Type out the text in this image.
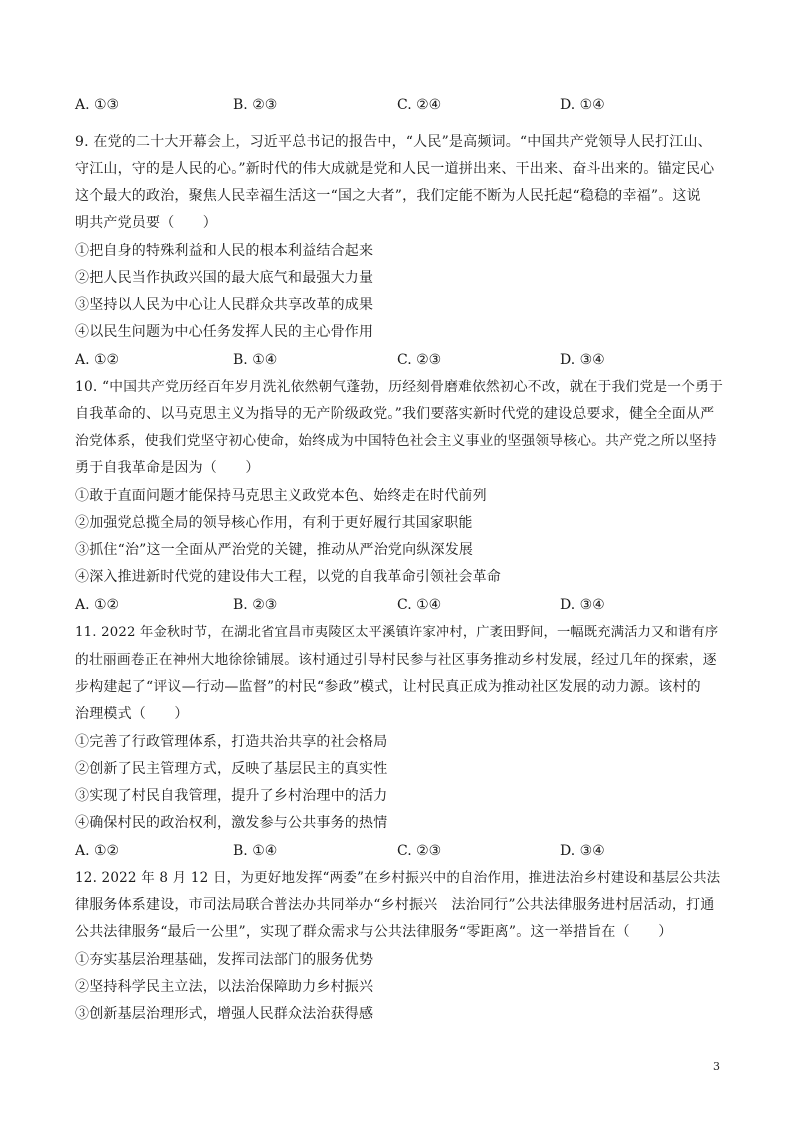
A. ①③	B. ②③	C. ②④	D. ①④
9. 在党的二十大开幕会上，习近平总书记的报告中，“人民”是高频词。“中国共产党领导人民打江山、
守江山，守的是人民的心。”新时代的伟大成就是党和人民一道拼出来、干出来、奋斗出来的。锚定民心
这个最大的政治，聚焦人民幸福生活这一“国之大者”，我们定能不断为人民托起“稳稳的幸福”。这说
明共产党员要（　　）
①把自身的特殊利益和人民的根本利益结合起来
②把人民当作执政兴国的最大底气和最强大力量
③坚持以人民为中心让人民群众共享改革的成果
④以民生问题为中心任务发挥人民的主心骨作用
A. ①②	B. ①④	C. ②③	D. ③④
10. “中国共产党历经百年岁月洗礼依然朝气蓬勃，历经刻骨磨难依然初心不改，就在于我们党是一个勇于
自我革命的、以马克思主义为指导的无产阶级政党。”我们要落实新时代党的建设总要求，健全全面从严
治党体系，使我们党坚守初心使命，始终成为中国特色社会主义事业的坚强领导核心。共产党之所以坚持
勇于自我革命是因为（　　）
①敢于直面问题才能保持马克思主义政党本色、始终走在时代前列
②加强党总揽全局的领导核心作用，有利于更好履行其国家职能
③抓住“治”这一全面从严治党的关键，推动从严治党向纵深发展
④深入推进新时代党的建设伟大工程，以党的自我革命引领社会革命
A. ①②	B. ②③	C. ①④	D. ③④
11. 2022 年金秋时节，在湖北省宜昌市夷陵区太平溪镇许家冲村，广袤田野间，一幅既充满活力又和谐有序
的壮丽画卷正在神州大地徐徐铺展。该村通过引导村民参与社区事务推动乡村发展，经过几年的探索，逐
步构建起了“评议—行动—监督”的村民“参政”模式，让村民真正成为推动社区发展的动力源。该村的
治理模式（　　）
①完善了行政管理体系，打造共治共享的社会格局
②创新了民主管理方式，反映了基层民主的真实性
③实现了村民自我管理，提升了乡村治理中的活力
④确保村民的政治权利，激发参与公共事务的热情
A. ①②	B. ①④	C. ②③	D. ③④
12. 2022 年 8 月 12 日，为更好地发挥“两委”在乡村振兴中的自治作用，推进法治乡村建设和基层公共法
律服务体系建设，市司法局联合普法办共同举办“乡村振兴　法治同行”公共法律服务进村居活动，打通
公共法律服务“最后一公里”，实现了群众需求与公共法律服务“零距离”。这一举措旨在（　　）
①夯实基层治理基础，发挥司法部门的服务优势
②坚持科学民主立法，以法治保障助力乡村振兴
③创新基层治理形式，增强人民群众法治获得感
3
